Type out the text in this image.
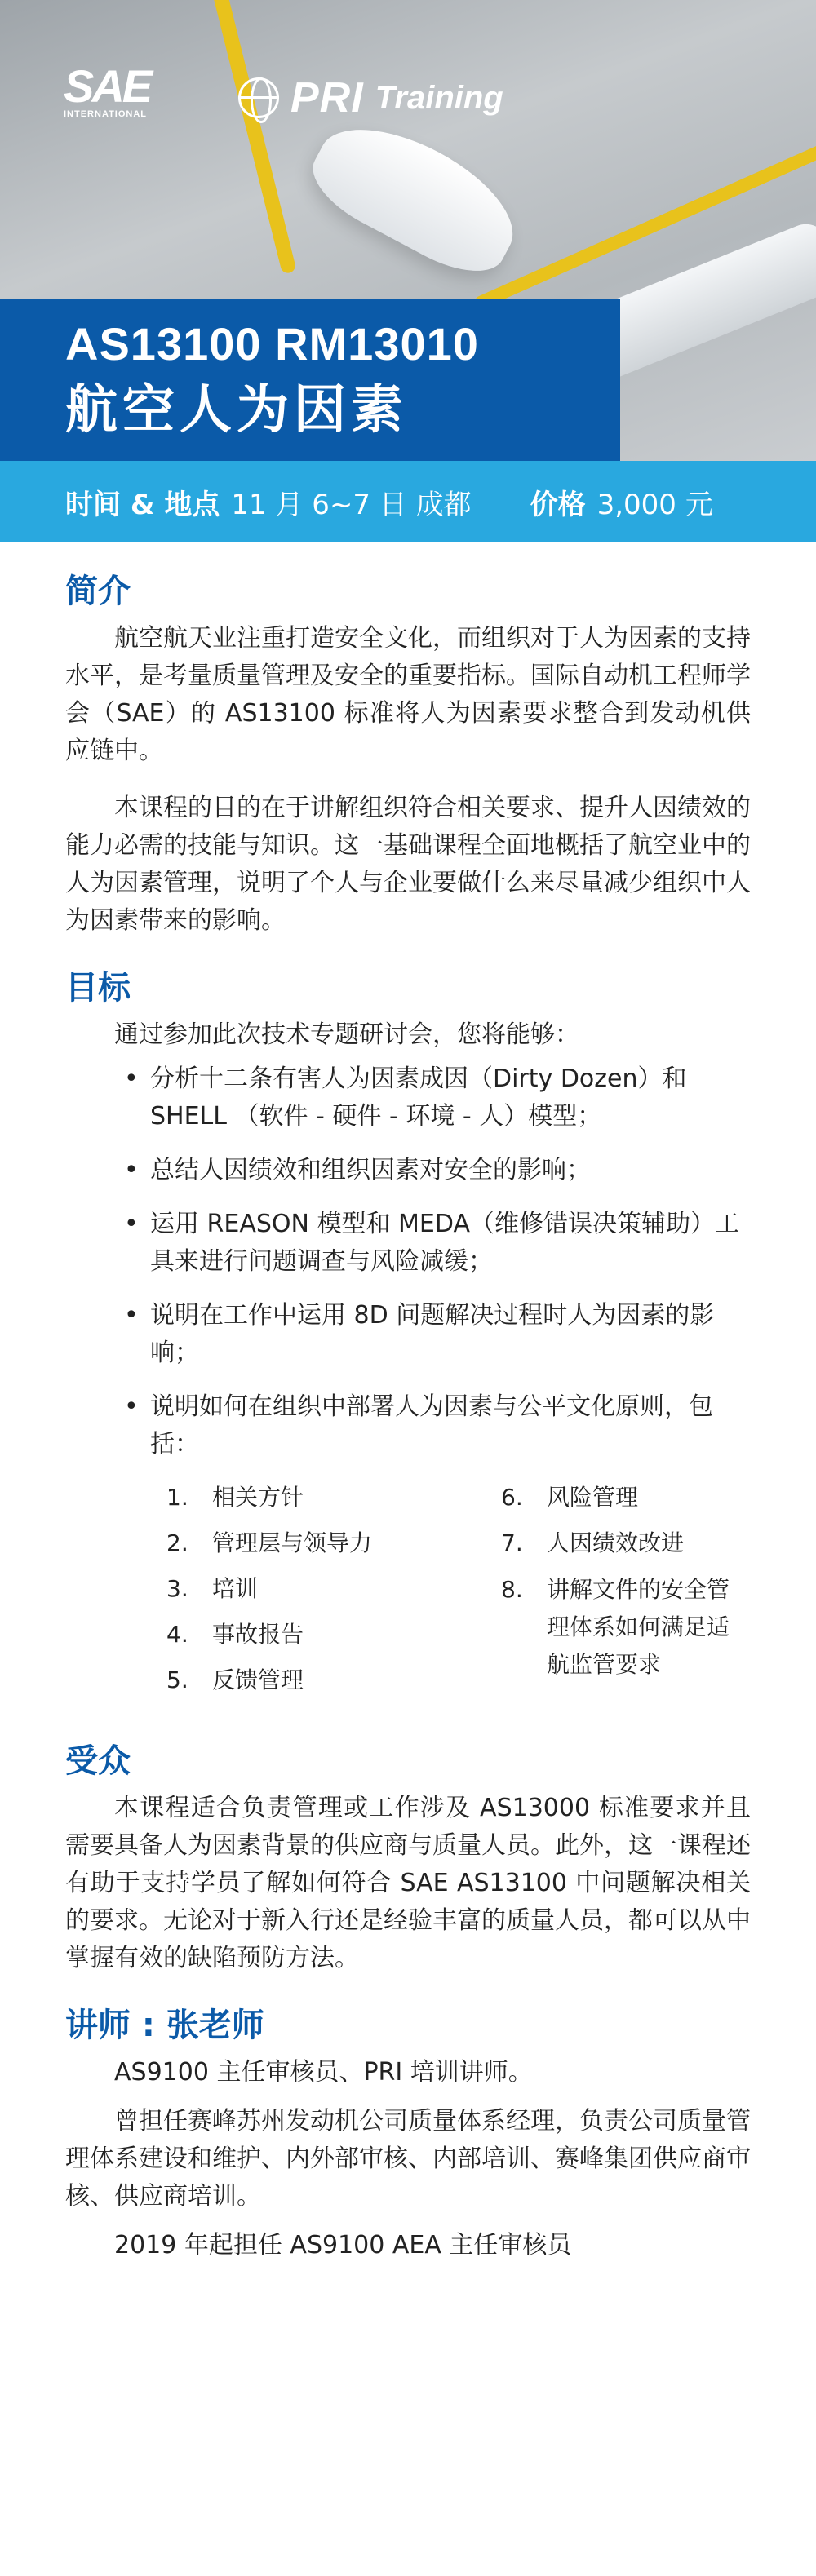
SAE
INTERNATIONAL	PRI Training
AS13100 RM13010
航空人为因素
时间 & 地点 11 月 6~7 日 成都 价格 3,000 元
简介

航空航天业注重打造安全文化，而组织对于人为因素的支持水平，是考量质量管理及安全的重要指标。国际自动机工程师学会（SAE）的 AS13100 标准将人为因素要求整合到发动机供应链中。

本课程的目的在于讲解组织符合相关要求、提升人因绩效的能力必需的技能与知识。这一基础课程全面地概括了航空业中的人为因素管理，说明了个人与企业要做什么来尽量减少组织中人为因素带来的影响。

目标

通过参加此次技术专题研讨会，您将能够：

• 分析十二条有害人为因素成因（Dirty Dozen）和 SHELL （软件 - 硬件 - 环境 - 人）模型；
• 总结人因绩效和组织因素对安全的影响；
• 运用 REASON 模型和 MEDA（维修错误决策辅助）工具来进行问题调查与风险减缓；
• 说明在工作中运用 8D 问题解决过程时人为因素的影响；
• 说明如何在组织中部署人为因素与公平文化原则，包括：
1.	相关方针
2.	管理层与领导力
3.	培训
4.	事故报告
5.	反馈管理
6.	风险管理
7.	人因绩效改进
8.	讲解文件的安全管理体系如何满足适航监管要求
受众

本课程适合负责管理或工作涉及 AS13000 标准要求并且需要具备人为因素背景的供应商与质量人员。此外，这一课程还有助于支持学员了解如何符合 SAE AS13100 中问题解决相关的要求。无论对于新入行还是经验丰富的质量人员，都可以从中掌握有效的缺陷预防方法。

讲师 : 张老师

AS9100 主任审核员、PRI 培训讲师。

曾担任赛峰苏州发动机公司质量体系经理，负责公司质量管理体系建设和维护、内外部审核、内部培训、赛峰集团供应商审核、供应商培训。

2019 年起担任 AS9100 AEA 主任审核员
